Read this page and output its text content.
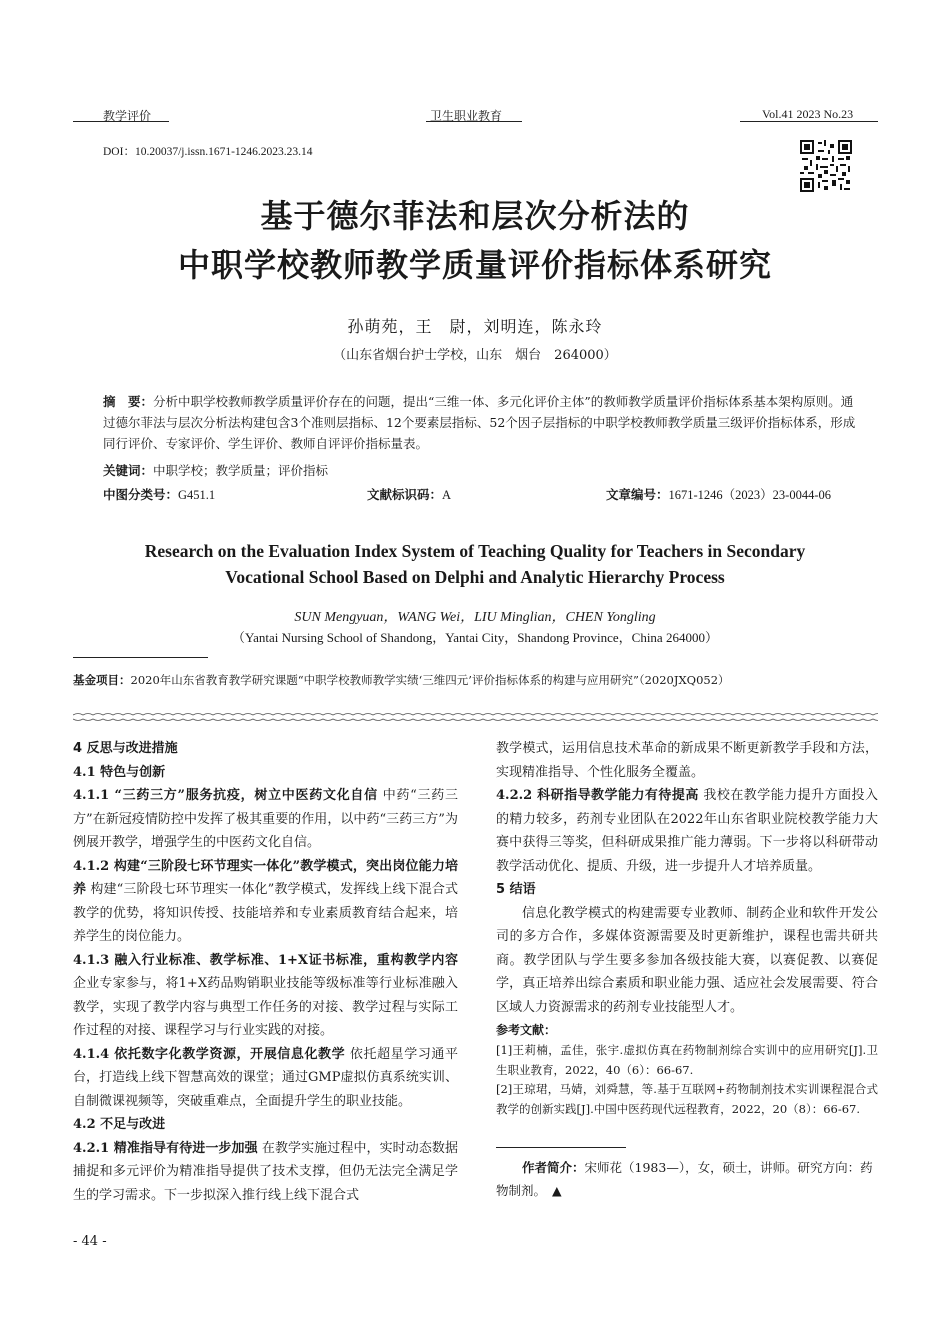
教学评价	卫生职业教育	Vol.41 2023 No.23
DOI：10.20037/j.issn.1671-1246.2023.23.14
基于德尔菲法和层次分析法的
中职学校教师教学质量评价指标体系研究
孙萌苑，王　尉，刘明连，陈永玲
（山东省烟台护士学校，山东　烟台　264000）
摘　要：分析中职学校教师教学质量评价存在的问题，提出“三维一体、多元化评价主体”的教师教学质量评价指标体系基本架构原则。通过德尔菲法与层次分析法构建包含3个准则层指标、12个要素层指标、52个因子层指标的中职学校教师教学质量三级评价指标体系，形成同行评价、专家评价、学生评价、教师自评评价指标量表。
关键词：中职学校；教学质量；评价指标
中图分类号：G451.1	文献标识码：A	文章编号：1671-1246（2023）23-0044-06
Research on the Evaluation Index System of Teaching Quality for Teachers in Secondary
Vocational School Based on Delphi and Analytic Hierarchy Process
SUN Mengyuan，WANG Wei，LIU Minglian，CHEN Yongling
（Yantai Nursing School of Shandong，Yantai City，Shandong Province，China 264000）
基金项目：2020年山东省教育教学研究课题“中职学校教师教学实绩‘三维四元’评价指标体系的构建与应用研究”（2020JXQ052）

4 反思与改进措施

4.1 特色与创新

4.1.1 “三药三方”服务抗疫，树立中医药文化自信 中药“三药三方”在新冠疫情防控中发挥了极其重要的作用，以中药“三药三方”为例展开教学，增强学生的中医药文化自信。

4.1.2 构建“三阶段七环节理实一体化”教学模式，突出岗位能力培养 构建“三阶段七环节理实一体化”教学模式，发挥线上线下混合式教学的优势，将知识传授、技能培养和专业素质教育结合起来，培养学生的岗位能力。

4.1.3 融入行业标准、教学标准、1+X证书标准，重构教学内容 企业专家参与，将1+X药品购销职业技能等级标准等行业标准融入教学，实现了教学内容与典型工作任务的对接、教学过程与实际工作过程的对接、课程学习与行业实践的对接。

4.1.4 依托数字化教学资源，开展信息化教学 依托超星学习通平台，打造线上线下智慧高效的课堂；通过GMP虚拟仿真系统实训、自制微课视频等，突破重难点，全面提升学生的职业技能。

4.2 不足与改进

4.2.1 精准指导有待进一步加强 在教学实施过程中，实时动态数据捕捉和多元评价为精准指导提供了技术支撑，但仍无法完全满足学生的学习需求。下一步拟深入推行线上线下混合式

教学模式，运用信息技术革命的新成果不断更新教学手段和方法，实现精准指导、个性化服务全覆盖。

4.2.2 科研指导教学能力有待提高 我校在教学能力提升方面投入的精力较多，药剂专业团队在2022年山东省职业院校教学能力大赛中获得三等奖，但科研成果推广能力薄弱。下一步将以科研带动教学活动优化、提质、升级，进一步提升人才培养质量。

5 结语

信息化教学模式的构建需要专业教师、制药企业和软件开发公司的多方合作，多媒体资源需要及时更新维护，课程也需共研共商。教学团队与学生要多参加各级技能大赛，以赛促教、以赛促学，真正培养出综合素质和职业能力强、适应社会发展需要、符合区域人力资源需求的药剂专业技能型人才。

参考文献：

[1]王莉楠，孟佳，张宇.虚拟仿真在药物制剂综合实训中的应用研究[J].卫生职业教育，2022，40（6）：66-67.

[2]王琼珺，马婧，刘舜慧，等.基于互联网+药物制剂技术实训课程混合式教学的创新实践[J].中国中医药现代远程教育，2022，20（8）：66-67.

作者简介：宋师花（1983—），女，硕士，讲师。研究方向：药物制剂。 ▲
- 44 -
